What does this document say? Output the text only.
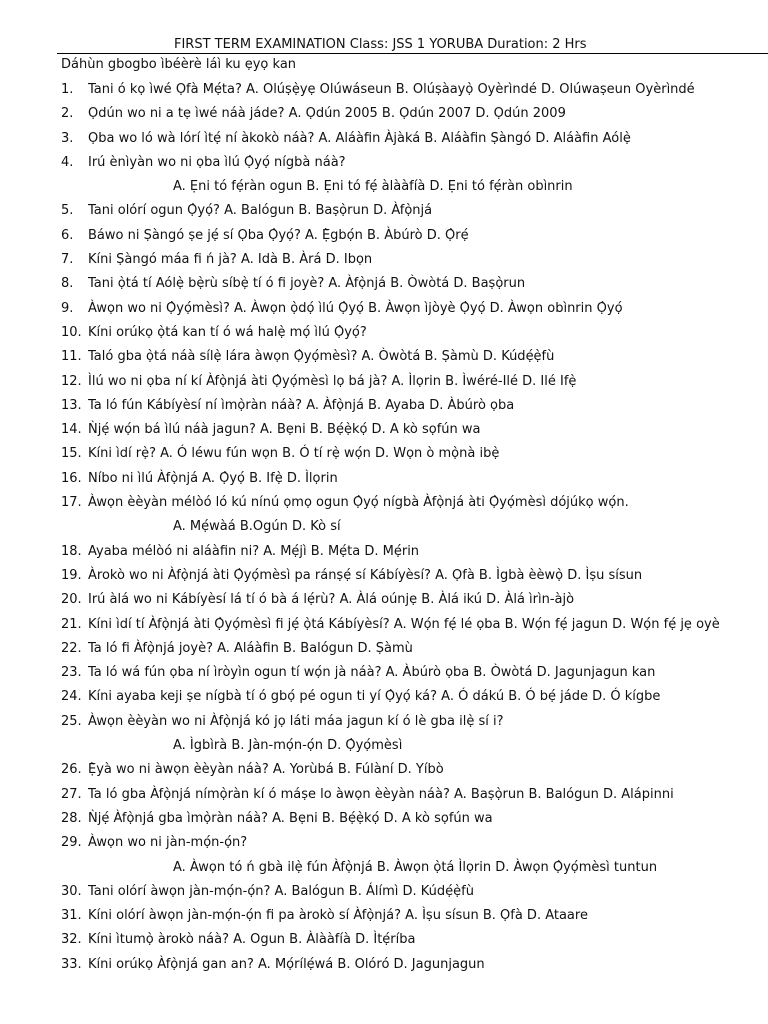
FIRST TERM EXAMINATION Class: JSS 1 YORUBA Duration: 2 Hrs
Dáhùn gbogbo ìbéèrè láì ku ẹyọ kan
1. Tani ó kọ ìwé Ọfà Mẹ́ta? A. Olúṣẹ̀yẹ Olúwáseun B. Olúṣàayọ̀ Oyèrìndé D. Olúwaṣeun Oyèrìndé
2. Ọdún wo ni a tẹ ìwé náà jáde? A. Ọdún 2005 B. Ọdún 2007 D. Ọdún 2009
3. Ọba wo ló wà lórí ìtẹ́ ní àkokò náà? A. Aláàfin Àjàká B. Aláàfin Ṣàngó D. Aláàfin Aólẹ̀
4. Irú ènìyàn wo ni ọba ìlú Ọ̀yọ́ nígbà náà?
A. Ẹni tó fẹ́ràn ogun B. Ẹni tó fẹ́ àlààfíà D. Ẹni tó fẹ́ràn obìnrin
5. Tani olórí ogun Ọ̀yọ́? A. Balógun B. Baṣọ̀run D. Àfọ̀njá
6. Báwo ni Ṣàngó ṣe jẹ́ sí Ọba Ọ̀yọ́? A. Ẹ̀gbọ́n B. Àbúrò D. Ọ̀rẹ́
7. Kíni Ṣàngó máa fi ń jà? A. Idà B. Àrá D. Ibọn
8. Tani ọ̀tá tí Aólẹ̀ bẹ̀rù síbẹ̀ tí ó fi joyè? A. Àfọ̀njá B. Òwòtá D. Baṣọ̀run
9. Àwọn wo ni Ọ̀yọ́mèsì? A. Àwọn ọ̀dọ́ ìlú Ọ̀yọ́ B. Àwọn ìjòyè Ọ̀yọ́ D. Àwọn obìnrin Ọ̀yọ́
10. Kíni orúkọ ọ̀tá kan tí ó wá halẹ̀ mọ́ ìlú Ọ̀yọ́?
11. Taló gba ọ̀tá náà sílẹ̀ lára àwọn Ọ̀yọ́mèsì? A. Òwòtá B. Ṣàmù D. Kúdẹ́ẹ̀fù
12. Ìlú wo ni ọba ní kí Àfọ̀njá àti Ọ̀yọ́mèsì lọ bá jà? A. Ìlọrin B. Ìwéré-Ilé D. Ilé Ifẹ̀
13. Ta ló fún Kábíyèsí ní ìmọ̀ràn náà? A. Àfọ̀njá B. Ayaba D. Àbúrò ọba
14. Ǹjẹ́ wọ́n bá ìlú náà jagun? A. Bẹni B. Bẹ́ẹ̀kọ́ D. A kò sọfún wa
15. Kíni ìdí rẹ̀? A. Ó léwu fún wọn B. Ó tí rẹ̀ wọ́n D. Wọn ò mọ̀nà ibẹ̀
16. Níbo ni ìlú Àfọ̀njá A. Ọ̀yọ́ B. Ifẹ̀ D. Ìlọrin
17. Àwọn èèyàn mélòó ló kú nínú ọmọ ogun Ọ̀yọ́ nígbà Àfọ̀njá àti Ọ̀yọ́mèsì dójúkọ wọ́n.
A. Mẹ́wàá B.Ogún D. Kò sí
18. Ayaba mélòó ni aláàfin ni? A. Mẹ́jì B. Mẹ́ta D. Mẹ́rin
19. Àrokò wo ni Àfọ̀njá àti Ọ̀yọ́mèsì pa ránṣẹ́ sí Kábíyèsí? A. Ọfà B. Ìgbà èèwọ̀ D. Ìṣu sísun
20. Irú àlá wo ni Kábíyèsí lá tí ó bà á lẹ́rù? A. Àlá oúnjẹ B. Àlá ikú D. Àlá ìrìn-àjò
21. Kíni ìdí tí Àfọ̀njá àti Ọ̀yọ́mèsì fi jẹ́ ọ̀tá Kábíyèsí? A. Wọ́n fẹ́ lé ọba B. Wọ́n fẹ́ jagun D. Wọ́n fẹ́ jẹ oyè
22. Ta ló fi Àfọ̀njá joyè? A. Aláàfin B. Balógun D. Ṣàmù
23. Ta ló wá fún ọba ní ìròyìn ogun tí wọ́n jà náà? A. Àbúrò ọba B. Òwòtá D. Jagunjagun kan
24. Kíni ayaba keji ṣe nígbà tí ó gbọ́ pé ogun ti yí Ọ̀yọ́ ká? A. Ó dákú B. Ó bẹ́ jáde D. Ó kígbe
25. Àwọn èèyàn wo ni Àfọ̀njá kó jọ láti máa jagun kí ó lè gba ilẹ̀ sí i?
A. Ìgbìrà B. Jàn-mọ́n-ọ́n D. Ọ̀yọ́mèsì
26. Ẹ̀yà wo ni àwọn èèyàn náà? A. Yorùbá B. Fúlàní D. Yíbò
27. Ta ló gba Àfọ̀njá nímọ̀ràn kí ó máṣe lo àwọn èèyàn náà? A. Baṣọ̀run B. Balógun D. Alápinni
28. Ǹjẹ́ Àfọ̀njá gba ìmọ̀ràn náà? A. Bẹni B. Bẹ́ẹ̀kọ́ D. A kò sọfún wa
29. Àwọn wo ni jàn-mọ́n-ọ́n?
A. Àwọn tó ń gbà ilẹ̀ fún Àfọ̀njá B. Àwọn ọ̀tá Ìlọrin D. Àwọn Ọ̀yọ́mèsì tuntun
30. Tani olórí àwọn jàn-mọ́n-ọ́n? A. Balógun B. Álímì D. Kúdẹ́ẹ̀fù
31. Kíni olórí àwọn jàn-mọ́n-ọ́n fi pa àrokò sí Àfọ̀njá? A. Ìṣu sísun B. Ọfà D. Ataare
32. Kíni ìtumọ̀ àrokò náà? A. Ogun B. Àlààfíà D. Ìtẹ́ríba
33. Kíni orúkọ Àfọ̀njá gan an? A. Mọ́rílẹ́wá B. Olóró D. Jagunjagun
